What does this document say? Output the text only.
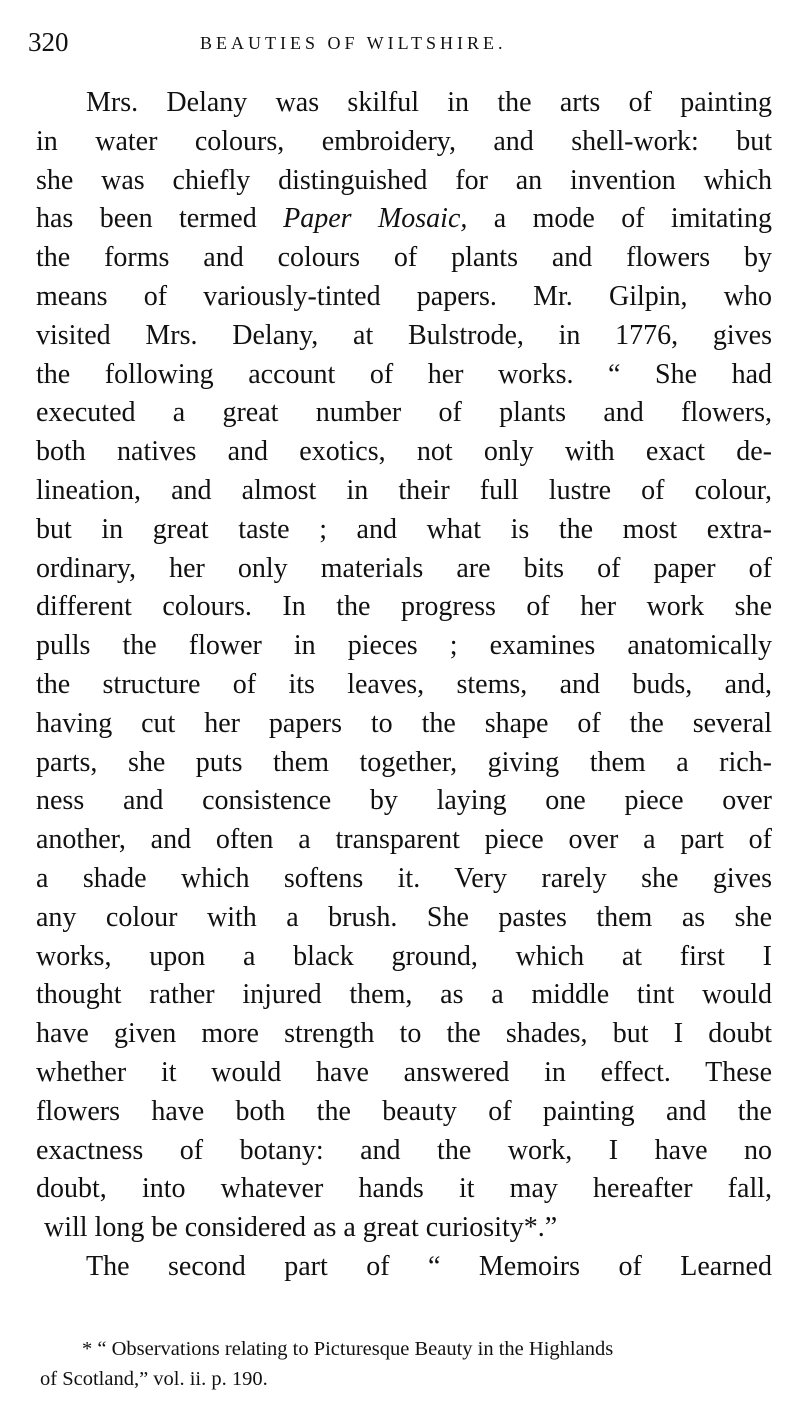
320	BEAUTIES OF WILTSHIRE.
Mrs. Delany was skilful in the arts of painting
in water colours, embroidery, and shell-work: but
she was chiefly distinguished for an invention which
has been termed Paper Mosaic, a mode of imitating
the forms and colours of plants and flowers by
means of variously-tinted papers. Mr. Gilpin, who
visited Mrs. Delany, at Bulstrode, in 1776, gives
the following account of her works. “ She had
executed a great number of plants and flowers,
both natives and exotics, not only with exact de-
lineation, and almost in their full lustre of colour,
but in great taste ; and what is the most extra-
ordinary, her only materials are bits of paper of
different colours. In the progress of her work she
pulls the flower in pieces ; examines anatomically
the structure of its leaves, stems, and buds, and,
having cut her papers to the shape of the several
parts, she puts them together, giving them a rich-
ness and consistence by laying one piece over
another, and often a transparent piece over a part of
a shade which softens it. Very rarely she gives
any colour with a brush. She pastes them as she
works, upon a black ground, which at first I
thought rather injured them, as a middle tint would
have given more strength to the shades, but I doubt
whether it would have answered in effect. These
flowers have both the beauty of painting and the
exactness of botany: and the work, I have no
doubt, into whatever hands it may hereafter fall,
will long be considered as a great curiosity*.”
The second part of “ Memoirs of Learned
* “ Observations relating to Picturesque Beauty in the Highlands
of Scotland,” vol. ii. p. 190.
